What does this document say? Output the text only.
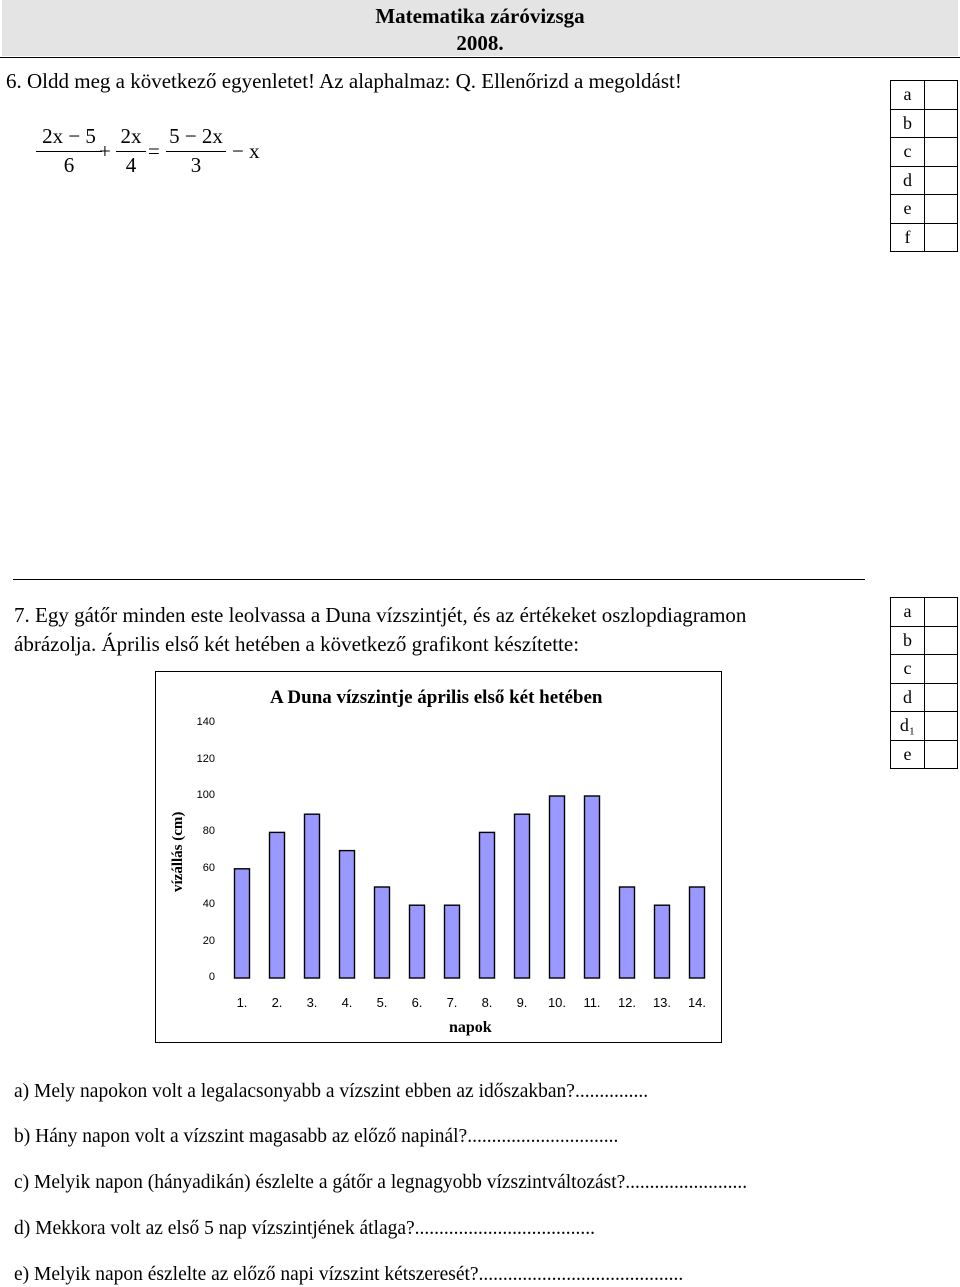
Matematika záróvizsga
2008.
6. Oldd meg a következő egyenletet! Az alaphalmaz: Q. Ellenőrizd a megoldást!
2x − 5
6
+
2x
4
=
5 − 2x
3
− x
a	
b	
c	
d	
e	
f	
7. Egy gátőr minden este leolvassa a Duna vízszintjét, és az értékeket oszlopdiagramon
ábrázolja. Április első két hetében a következő grafikont készítette:
a	
b	
c	
d	
d₁	
e	
A Duna vízszintje április első két hetében
vízállás (cm)
napok
0
20
40
60
80
100
120
140
1.	2.	3.	4.	5.	6.	7.	8.	9.	10.	11.	12.	13.	14.
a) Mely napokon volt a legalacsonyabb a vízszint ebben az időszakban?...............
b) Hány napon volt a vízszint magasabb az előző napinál?...............................
c) Melyik napon (hányadikán) észlelte a gátőr a legnagyobb vízszintváltozást?.........................
d) Mekkora volt az első 5 nap vízszintjének átlaga?.....................................
e) Melyik napon észlelte az előző napi vízszint kétszeresét?..........................................
